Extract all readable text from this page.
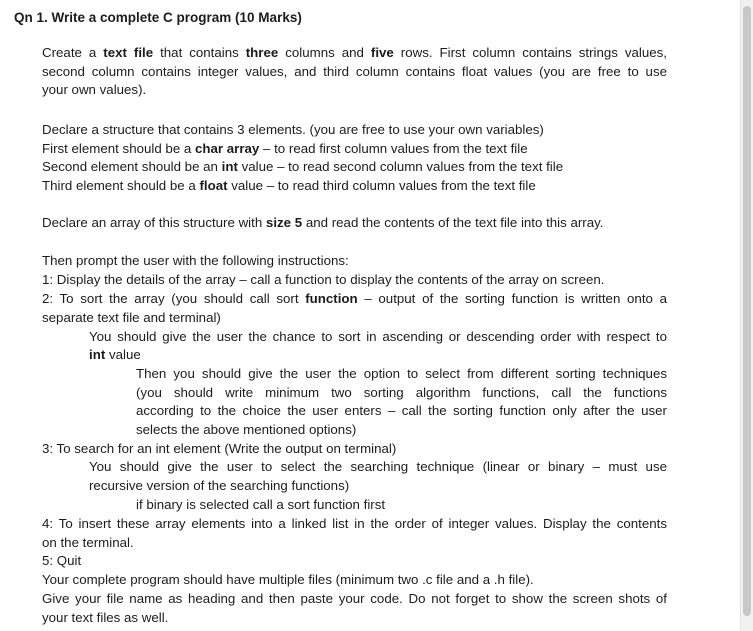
Qn 1. Write a complete C program (10 Marks)
Create a text file that contains three columns and five rows. First column contains strings values,
second column contains integer values, and third column contains float values (you are free to use
your own values).
Declare a structure that contains 3 elements. (you are free to use your own variables)
First element should be a char array – to read first column values from the text file
Second element should be an int value – to read second column values from the text file
Third element should be a float value – to read third column values from the text file
Declare an array of this structure with size 5 and read the contents of the text file into this array.
Then prompt the user with the following instructions:
1: Display the details of the array – call a function to display the contents of the array on screen.
2: To sort the array (you should call sort function – output of the sorting function is written onto a
separate text file and terminal)
You should give the user the chance to sort in ascending or descending order with respect to
int value
Then you should give the user the option to select from different sorting techniques
(you should write minimum two sorting algorithm functions, call the functions
according to the choice the user enters – call the sorting function only after the user
selects the above mentioned options)
3: To search for an int element (Write the output on terminal)
You should give the user to select the searching technique (linear or binary – must use
recursive version of the searching functions)
if binary is selected call a sort function first
4: To insert these array elements into a linked list in the order of integer values. Display the contents
on the terminal.
5: Quit
Your complete program should have multiple files (minimum two .c file and a .h file).
Give your file name as heading and then paste your code. Do not forget to show the screen shots of
your text files as well.
